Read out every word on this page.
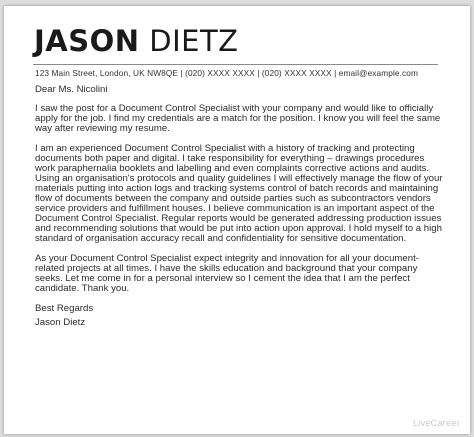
JASON DIETZ
123 Main Street, London, UK NW8QE | (020) XXXX XXXX | (020) XXXX XXXX | email@example.com

Dear Ms. Nicolini

I saw the post for a Document Control Specialist with your company and would like to officially apply for the job. I find my credentials are a match for the position. I know you will feel the same way after reviewing my resume.

I am an experienced Document Control Specialist with a history of tracking and protecting documents both paper and digital. I take responsibility for everything – drawings procedures work paraphernalia booklets and labelling and even complaints corrective actions and audits. Using an organisation's protocols and quality guidelines I will effectively manage the flow of your materials putting into action logs and tracking systems control of batch records and maintaining flow of documents between the company and outside parties such as subcontractors vendors service providers and fulfillment houses. I believe communication is an important aspect of the Document Control Specialist. Regular reports would be generated addressing production issues and recommending solutions that would be put into action upon approval. I hold myself to a high standard of organisation accuracy recall and confidentiality for sensitive documentation.

As your Document Control Specialist expect integrity and innovation for all your document-related projects at all times. I have the skills education and background that your company seeks. Let me come in for a personal interview so I cement the idea that I am the perfect candidate. Thank you.

Best Regards

Jason Dietz

LiveCareer
